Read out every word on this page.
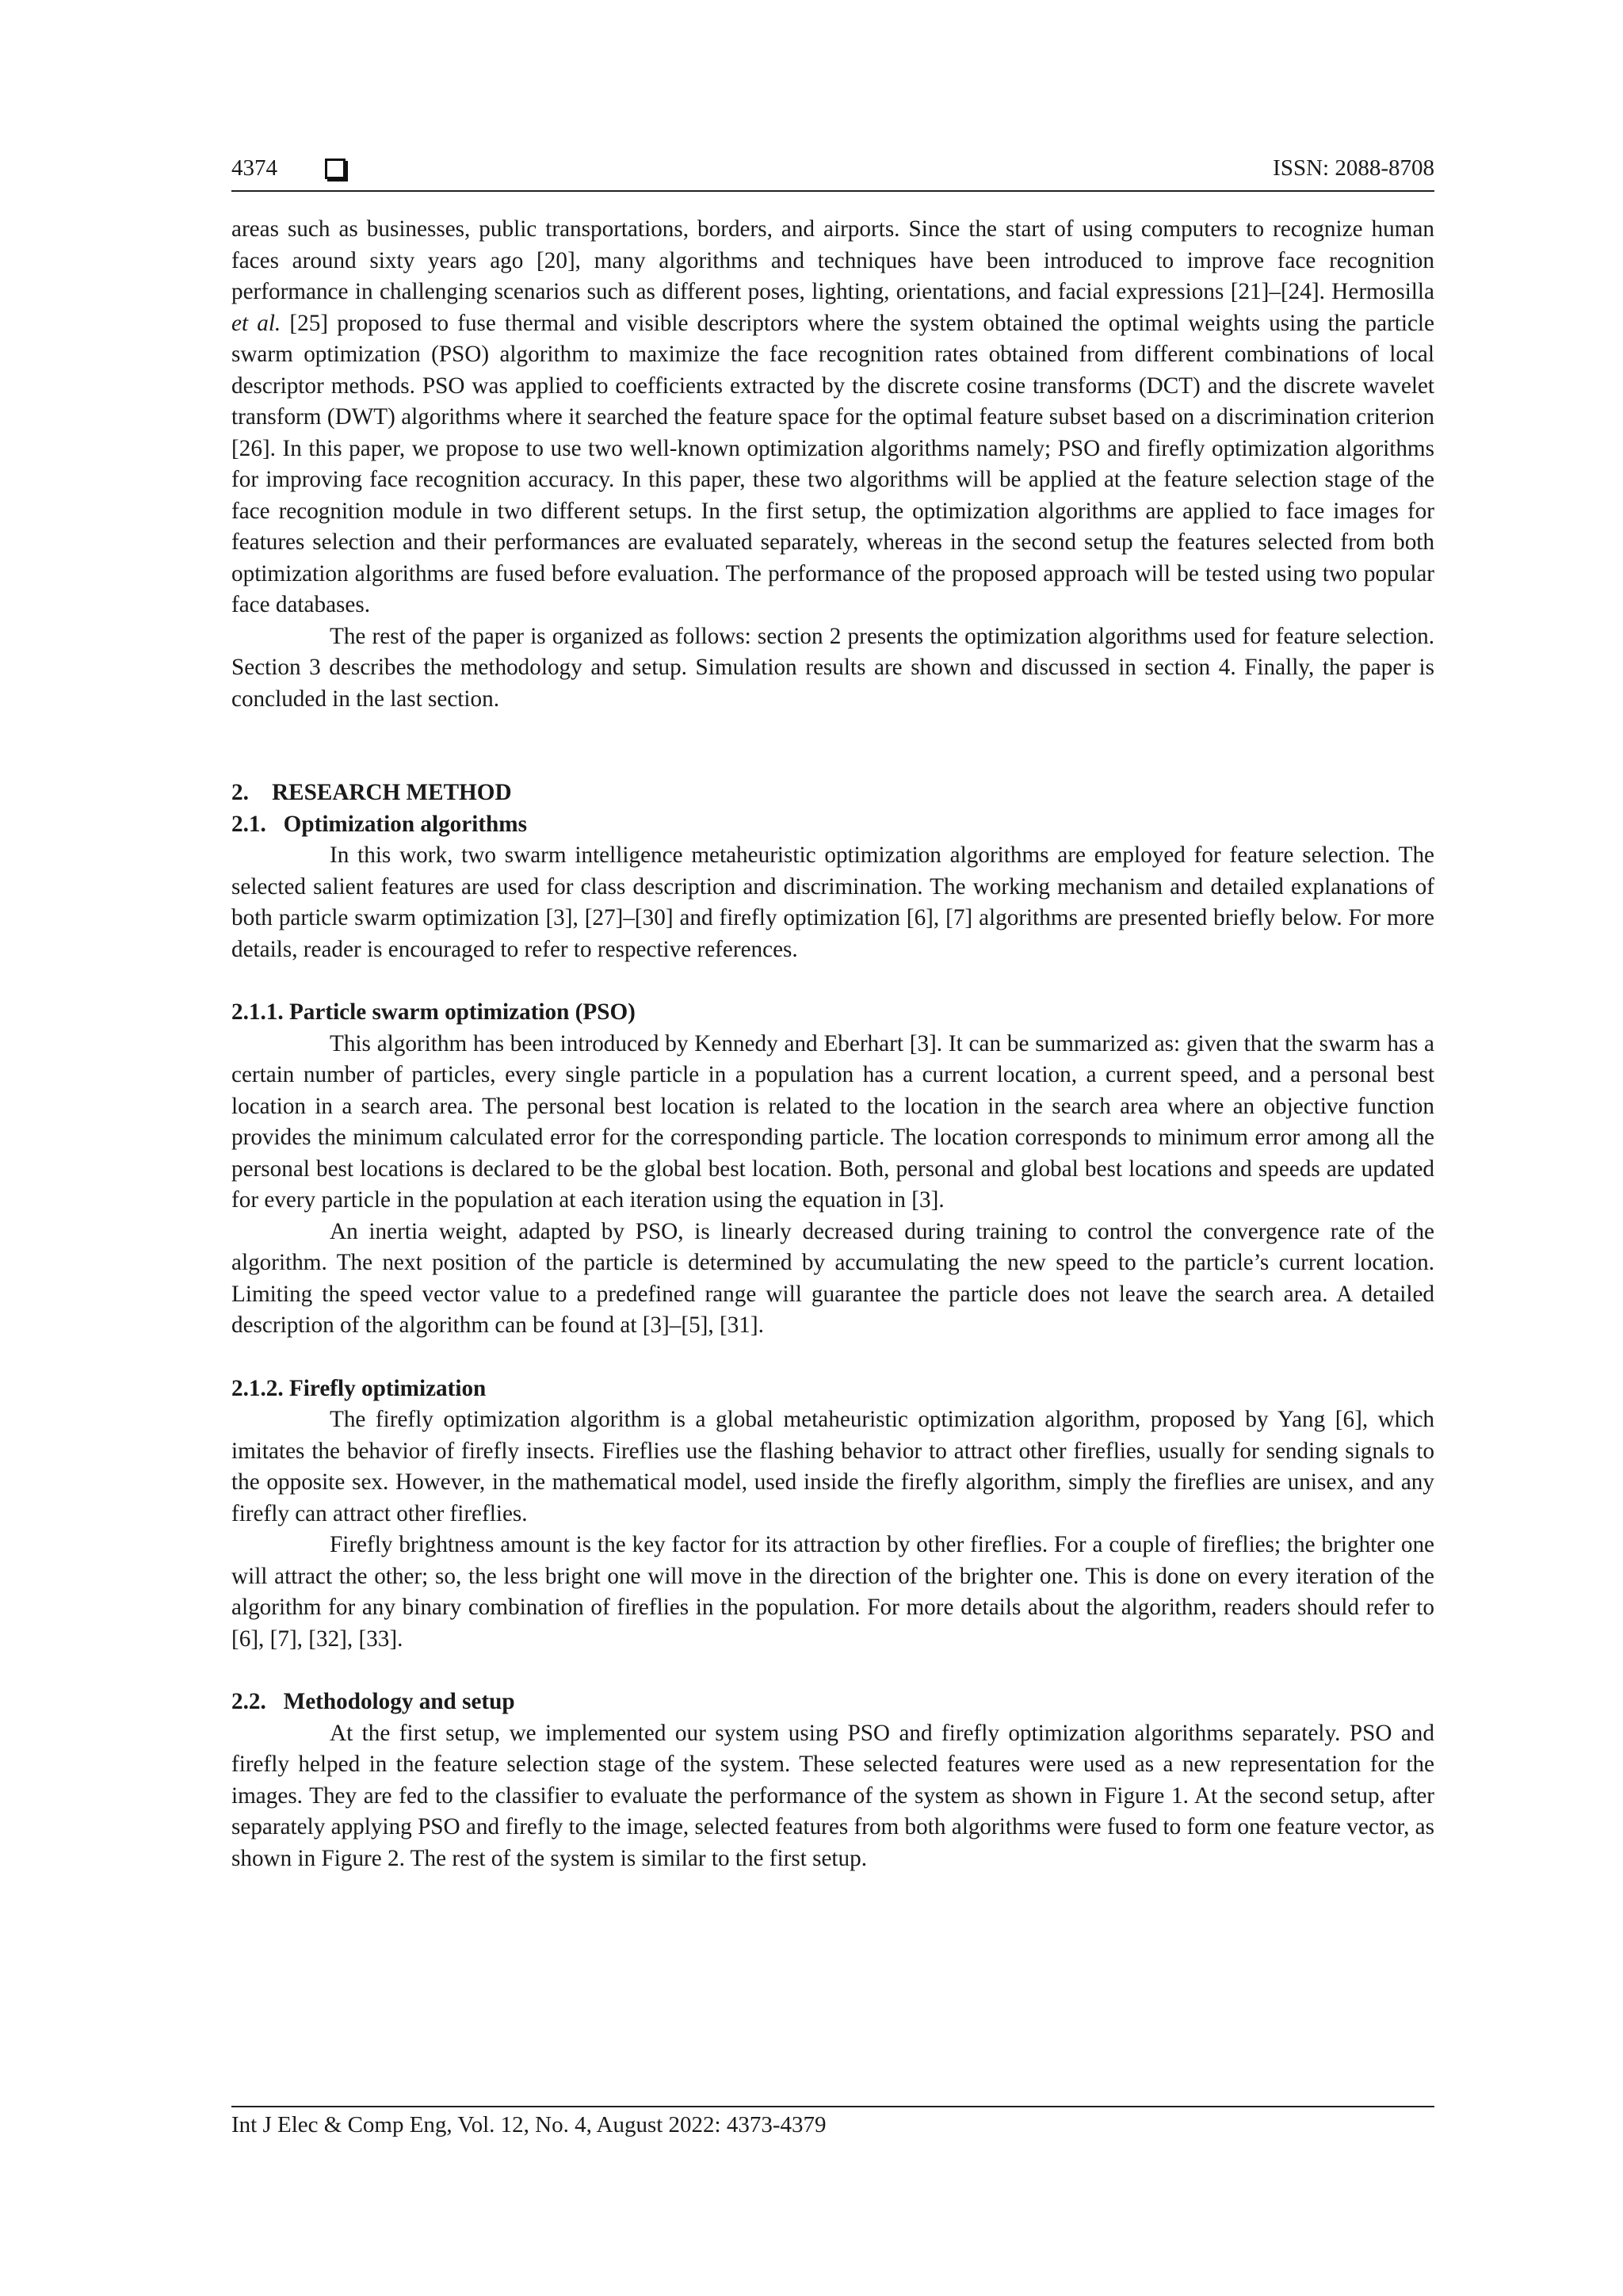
4374	ISSN: 2088-8708

areas such as businesses, public transportations, borders, and airports. Since the start of using computers to recognize human faces around sixty years ago [20], many algorithms and techniques have been introduced to improve face recognition performance in challenging scenarios such as different poses, lighting, orientations, and facial expressions [21]–[24]. Hermosilla et al. [25] proposed to fuse thermal and visible descriptors where the system obtained the optimal weights using the particle swarm optimization (PSO) algorithm to maximize the face recognition rates obtained from different combinations of local descriptor methods. PSO was applied to coefficients extracted by the discrete cosine transforms (DCT) and the discrete wavelet transform (DWT) algorithms where it searched the feature space for the optimal feature subset based on a discrimination criterion [26]. In this paper, we propose to use two well-known optimization algorithms namely; PSO and firefly optimization algorithms for improving face recognition accuracy. In this paper, these two algorithms will be applied at the feature selection stage of the face recognition module in two different setups. In the first setup, the optimization algorithms are applied to face images for features selection and their performances are evaluated separately, whereas in the second setup the features selected from both optimization algorithms are fused before evaluation. The performance of the proposed approach will be tested using two popular face databases.

The rest of the paper is organized as follows: section 2 presents the optimization algorithms used for feature selection. Section 3 describes the methodology and setup. Simulation results are shown and discussed in section 4. Finally, the paper is concluded in the last section.

2.    RESEARCH METHOD
2.1.   Optimization algorithms

In this work, two swarm intelligence metaheuristic optimization algorithms are employed for feature selection. The selected salient features are used for class description and discrimination. The working mechanism and detailed explanations of both particle swarm optimization [3], [27]–[30] and firefly optimization [6], [7] algorithms are presented briefly below. For more details, reader is encouraged to refer to respective references.

2.1.1. Particle swarm optimization (PSO)

This algorithm has been introduced by Kennedy and Eberhart [3]. It can be summarized as: given that the swarm has a certain number of particles, every single particle in a population has a current location, a current speed, and a personal best location in a search area. The personal best location is related to the location in the search area where an objective function provides the minimum calculated error for the corresponding particle. The location corresponds to minimum error among all the personal best locations is declared to be the global best location. Both, personal and global best locations and speeds are updated for every particle in the population at each iteration using the equation in [3].

An inertia weight, adapted by PSO, is linearly decreased during training to control the convergence rate of the algorithm. The next position of the particle is determined by accumulating the new speed to the particle’s current location. Limiting the speed vector value to a predefined range will guarantee the particle does not leave the search area. A detailed description of the algorithm can be found at [3]–[5], [31].

2.1.2. Firefly optimization

The firefly optimization algorithm is a global metaheuristic optimization algorithm, proposed by Yang [6], which imitates the behavior of firefly insects. Fireflies use the flashing behavior to attract other fireflies, usually for sending signals to the opposite sex. However, in the mathematical model, used inside the firefly algorithm, simply the fireflies are unisex, and any firefly can attract other fireflies.

Firefly brightness amount is the key factor for its attraction by other fireflies. For a couple of fireflies; the brighter one will attract the other; so, the less bright one will move in the direction of the brighter one. This is done on every iteration of the algorithm for any binary combination of fireflies in the population. For more details about the algorithm, readers should refer to [6], [7], [32], [33].

2.2.   Methodology and setup

At the first setup, we implemented our system using PSO and firefly optimization algorithms separately. PSO and firefly helped in the feature selection stage of the system. These selected features were used as a new representation for the images. They are fed to the classifier to evaluate the performance of the system as shown in Figure 1. At the second setup, after separately applying PSO and firefly to the image, selected features from both algorithms were fused to form one feature vector, as shown in Figure 2. The rest of the system is similar to the first setup.

Int J Elec & Comp Eng, Vol. 12, No. 4, August 2022: 4373-4379
